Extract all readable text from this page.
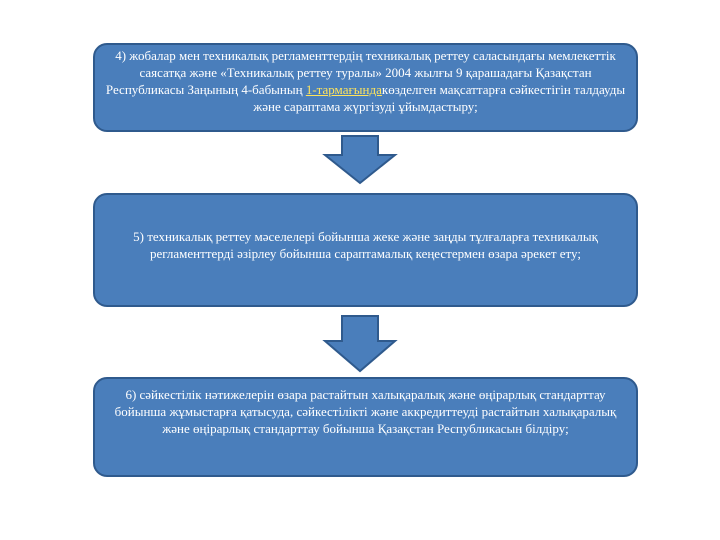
4) жобалар мен техникалық регламенттердің техникалық реттеу саласындағы мемлекеттік саясатқа және «Техникалық реттеу туралы» 2004 жылғы 9 қарашадағы Қазақстан Республикасы Заңының 4-бабының 1-тармағындакөзделген мақсаттарға сәйкестігін талдауды және сараптама жүргізуді ұйымдастыру;
5) техникалық реттеу мәселелері бойынша жеке және заңды тұлғаларға техникалық регламенттерді әзірлеу бойынша сараптамалық кеңестермен өзара әрекет ету;
6) сәйкестілік нәтижелерін өзара растайтын халықаралық және өңірарлық стандарттау бойынша жұмыстарға қатысуда, сәйкестілікті және аккредиттеуді растайтын халықаралық және өңірарлық стандарттау бойынша Қазақстан Республикасын білдіру;
